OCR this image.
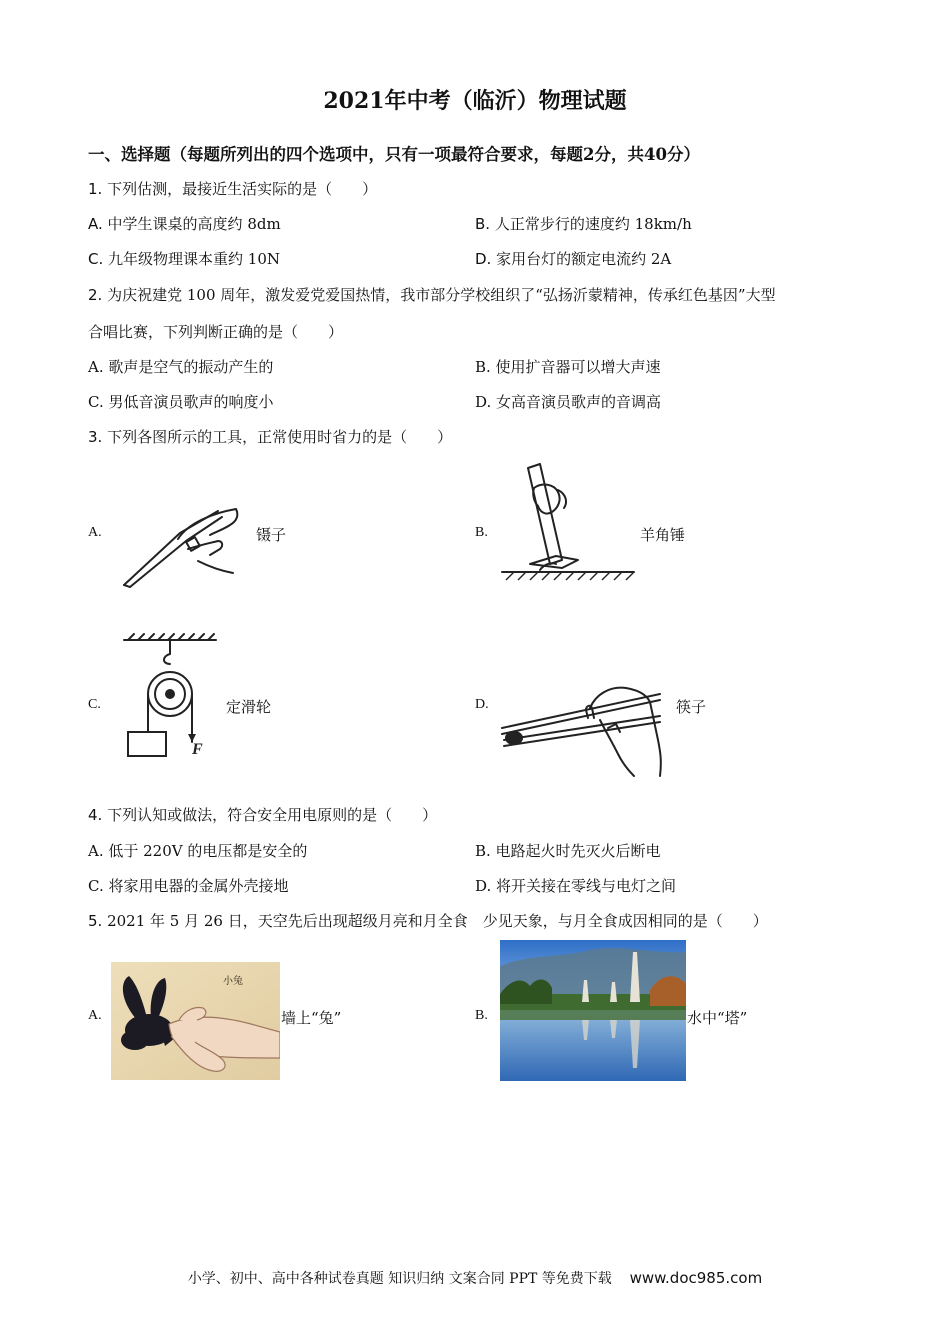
2021年中考（临沂）物理试题
一、选择题（每题所列出的四个选项中，只有一项最符合要求，每题2分，共40分）
1. 下列估测，最接近生活实际的是（　　）
A. 中学生课桌的高度约 8dm	B. 人正常步行的速度约 18km/h
C. 九年级物理课本重约 10N	D. 家用台灯的额定电流约 2A
2. 为庆祝建党 100 周年，激发爱党爱国热情，我市部分学校组织了“弘扬沂蒙精神，传承红色基因”大型
合唱比赛，下列判断正确的是（　　）
A. 歌声是空气的振动产生的	B. 使用扩音器可以增大声速
C. 男低音演员歌声的响度小	D. 女高音演员歌声的音调高
3. 下列各图所示的工具，正常使用时省力的是（　　）
A.	镊子	B.	羊角锤
C.
F
定滑轮	D.	筷子
4. 下列认知或做法，符合安全用电原则的是（　　）
A. 低于 220V 的电压都是安全的	B. 电路起火时先灭火后断电
C. 将家用电器的金属外壳接地	D. 将开关接在零线与电灯之间
5. 2021 年 5 月 26 日，天空先后出现超级月亮和月全食　少见天象，与月全食成因相同的是（　　）
A.
小兔
墙上“兔”	B.	水中“塔”
小学、初中、高中各种试卷真题 知识归纳 文案合同 PPT 等免费下载 www.doc985.com
